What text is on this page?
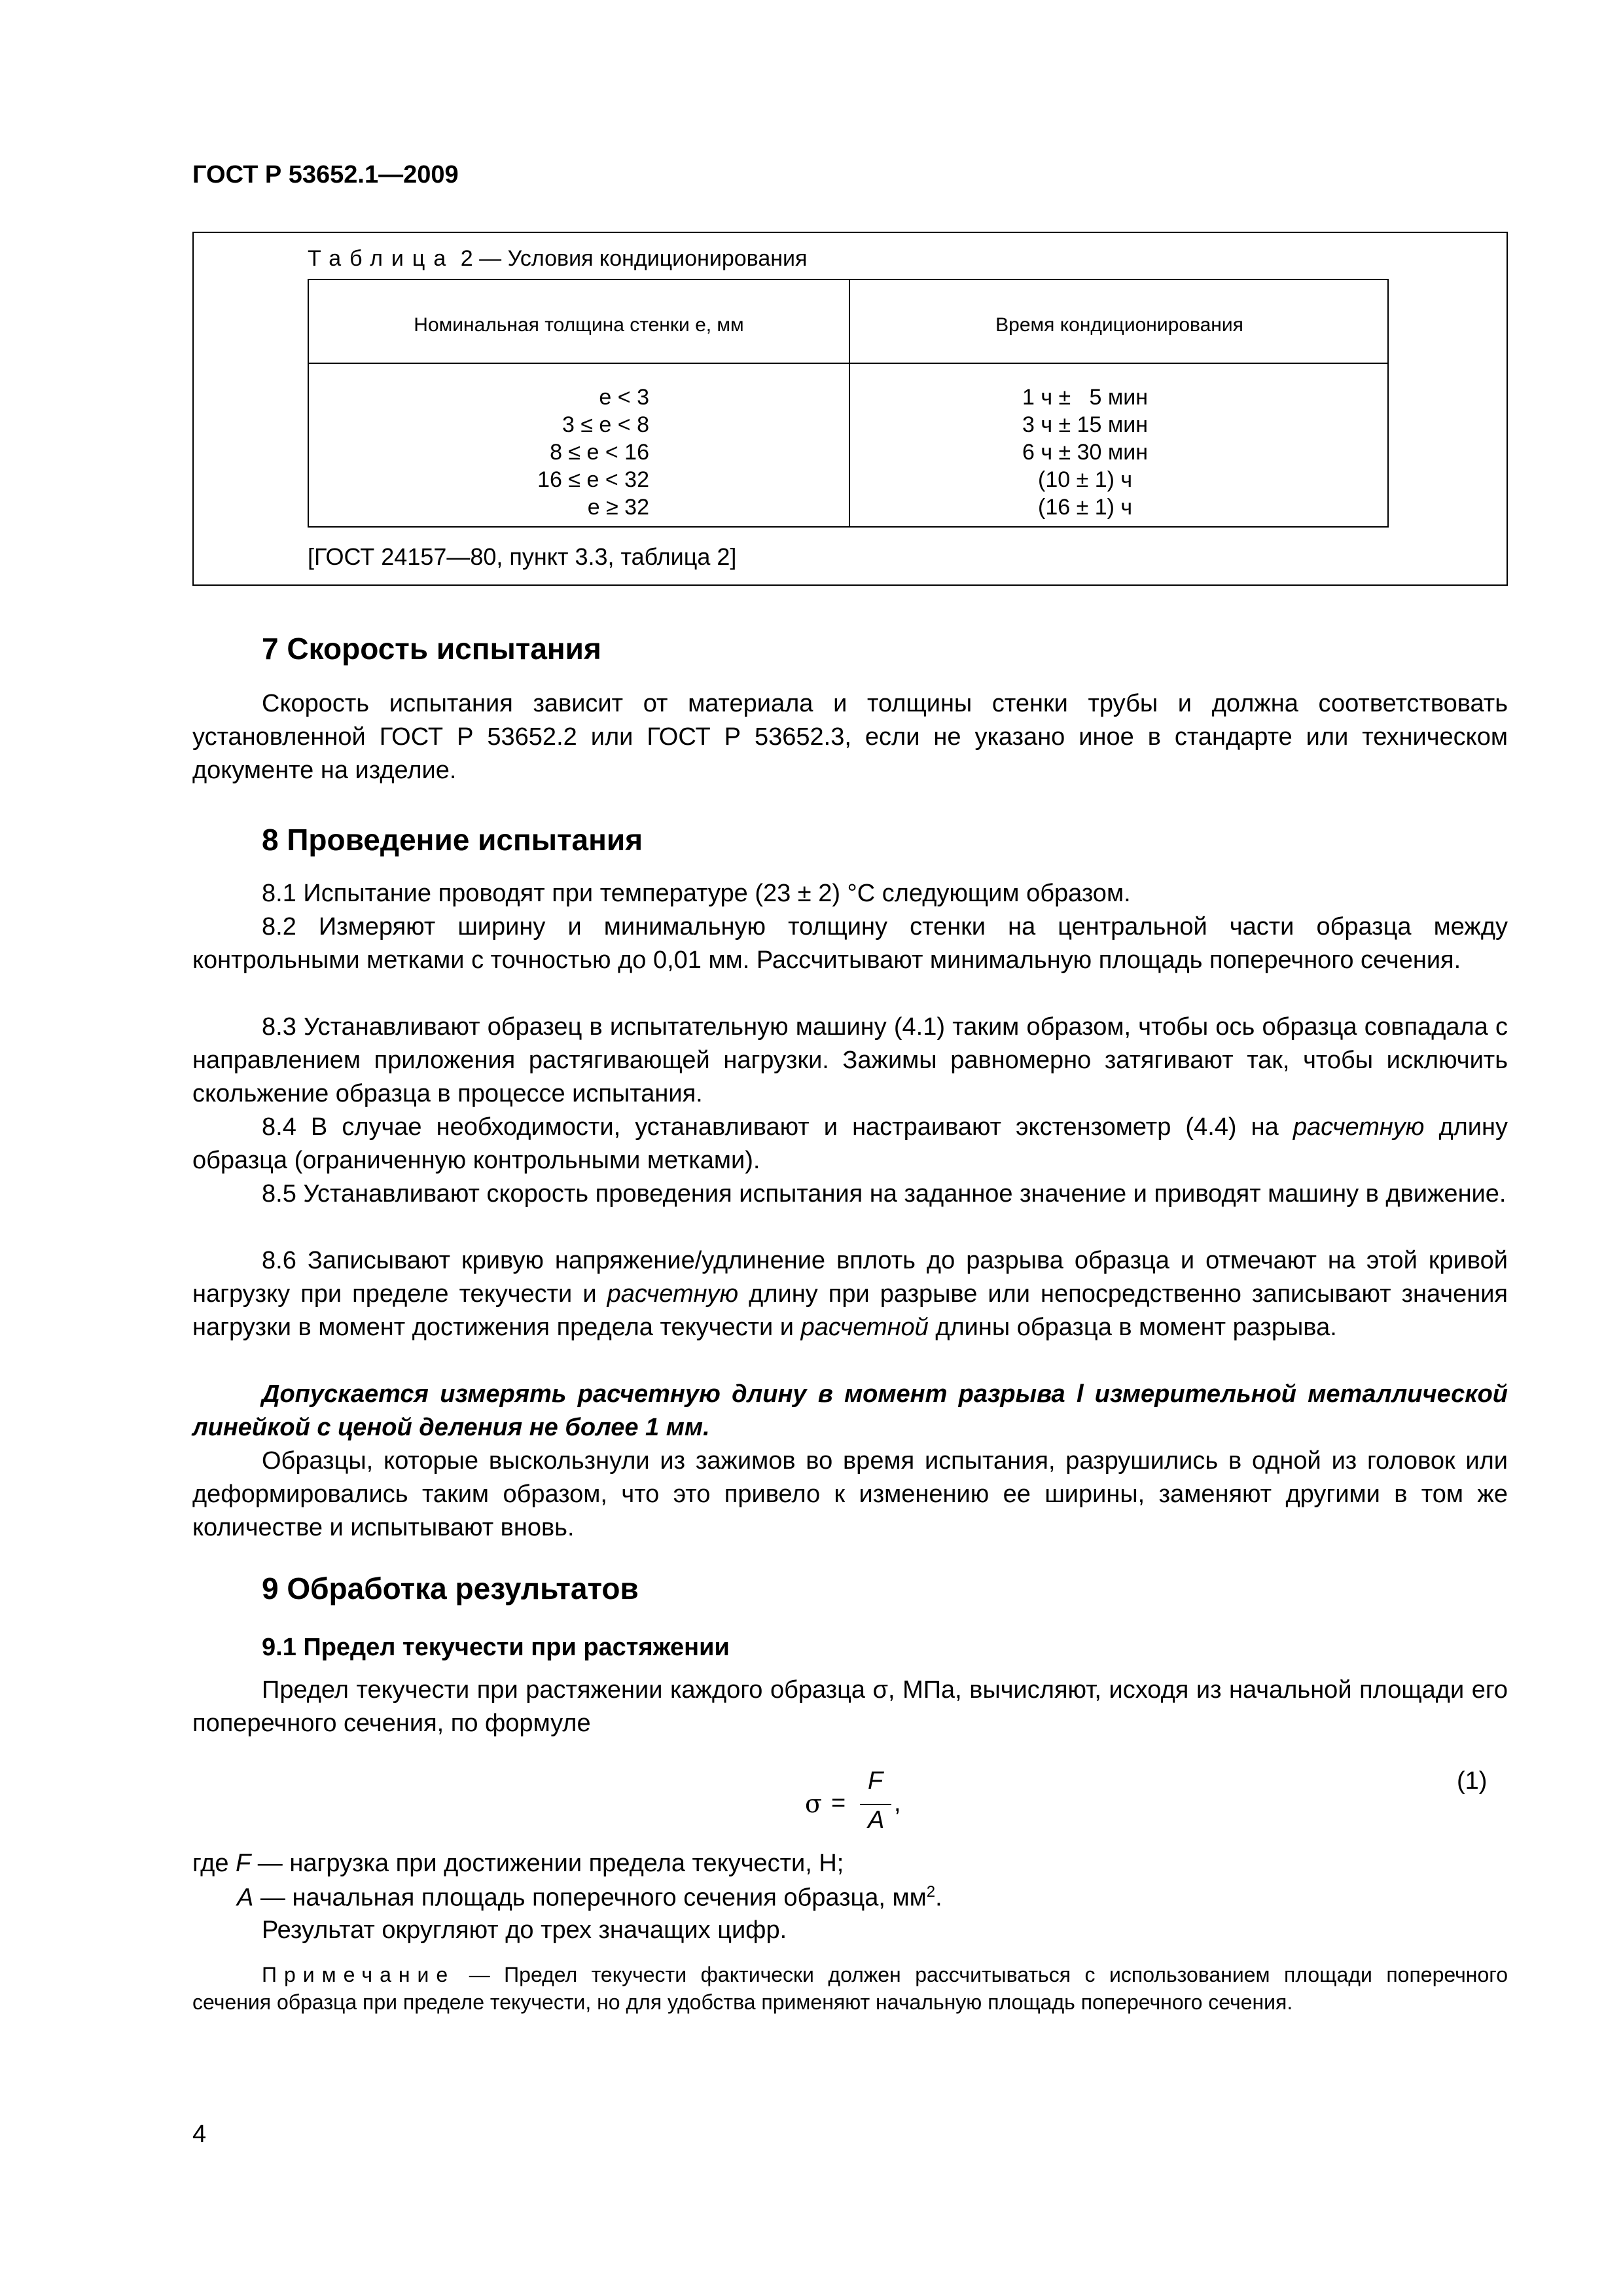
ГОСТ Р 53652.1—2009
Таблица 2 — Условия кондиционирования
Номинальная толщина стенки e, мм	Время кондиционирования
e < 3
3 ≤ e < 8
8 ≤ e < 16
16 ≤ e < 32
e ≥ 32
1 ч ±   5 мин
3 ч ± 15 мин
6 ч ± 30 мин
(10 ± 1) ч
(16 ± 1) ч
[ГОСТ 24157—80, пункт 3.3, таблица 2]
7 Скорость испытания

Скорость испытания зависит от материала и толщины стенки трубы и должна соответствовать установленной ГОСТ Р 53652.2 или ГОСТ Р 53652.3, если не указано иное в стандарте или техническом документе на изделие.

8 Проведение испытания

8.1 Испытание проводят при температуре (23 ± 2) °С следующим образом.

8.2 Измеряют ширину и минимальную толщину стенки на центральной части образца между контрольными метками с точностью до 0,01 мм. Рассчитывают минимальную площадь поперечного сечения.

8.3 Устанавливают образец в испытательную машину (4.1) таким образом, чтобы ось образца совпадала с направлением приложения растягивающей нагрузки. Зажимы равномерно затягивают так, чтобы исключить скольжение образца в процессе испытания.

8.4 В случае необходимости, устанавливают и настраивают экстензометр (4.4) на расчетную длину образца (ограниченную контрольными метками).

8.5 Устанавливают скорость проведения испытания на заданное значение и приводят машину в движение.

8.6 Записывают кривую напряжение/удлинение вплоть до разрыва образца и отмечают на этой кривой нагрузку при пределе текучести и расчетную длину при разрыве или непосредственно записывают значения нагрузки в момент достижения предела текучести и расчетной длины образца в момент разрыва.

Допускается измерять расчетную длину в момент разрыва l измерительной металлической линейкой с ценой деления не более 1 мм.

Образцы, которые выскользнули из зажимов во время испытания, разрушились в одной из головок или деформировались таким образом, что это привело к изменению ее ширины, заменяют другими в том же количестве и испытывают вновь.

9 Обработка результатов
9.1 Предел текучести при растяжении

Предел текучести при растяжении каждого образца σ, МПа, вычисляют, исходя из начальной площади его поперечного сечения, по формуле

σ =
F
A
,
(1)
где F — нагрузка при достижении предела текучести, Н;
A — начальная площадь поперечного сечения образца, $мм^2$.
Результат округляют до трех значащих цифр.

Примечание — Предел текучести фактически должен рассчитываться с использованием площади поперечного сечения образца при пределе текучести, но для удобства применяют начальную площадь поперечного сечения.

4
